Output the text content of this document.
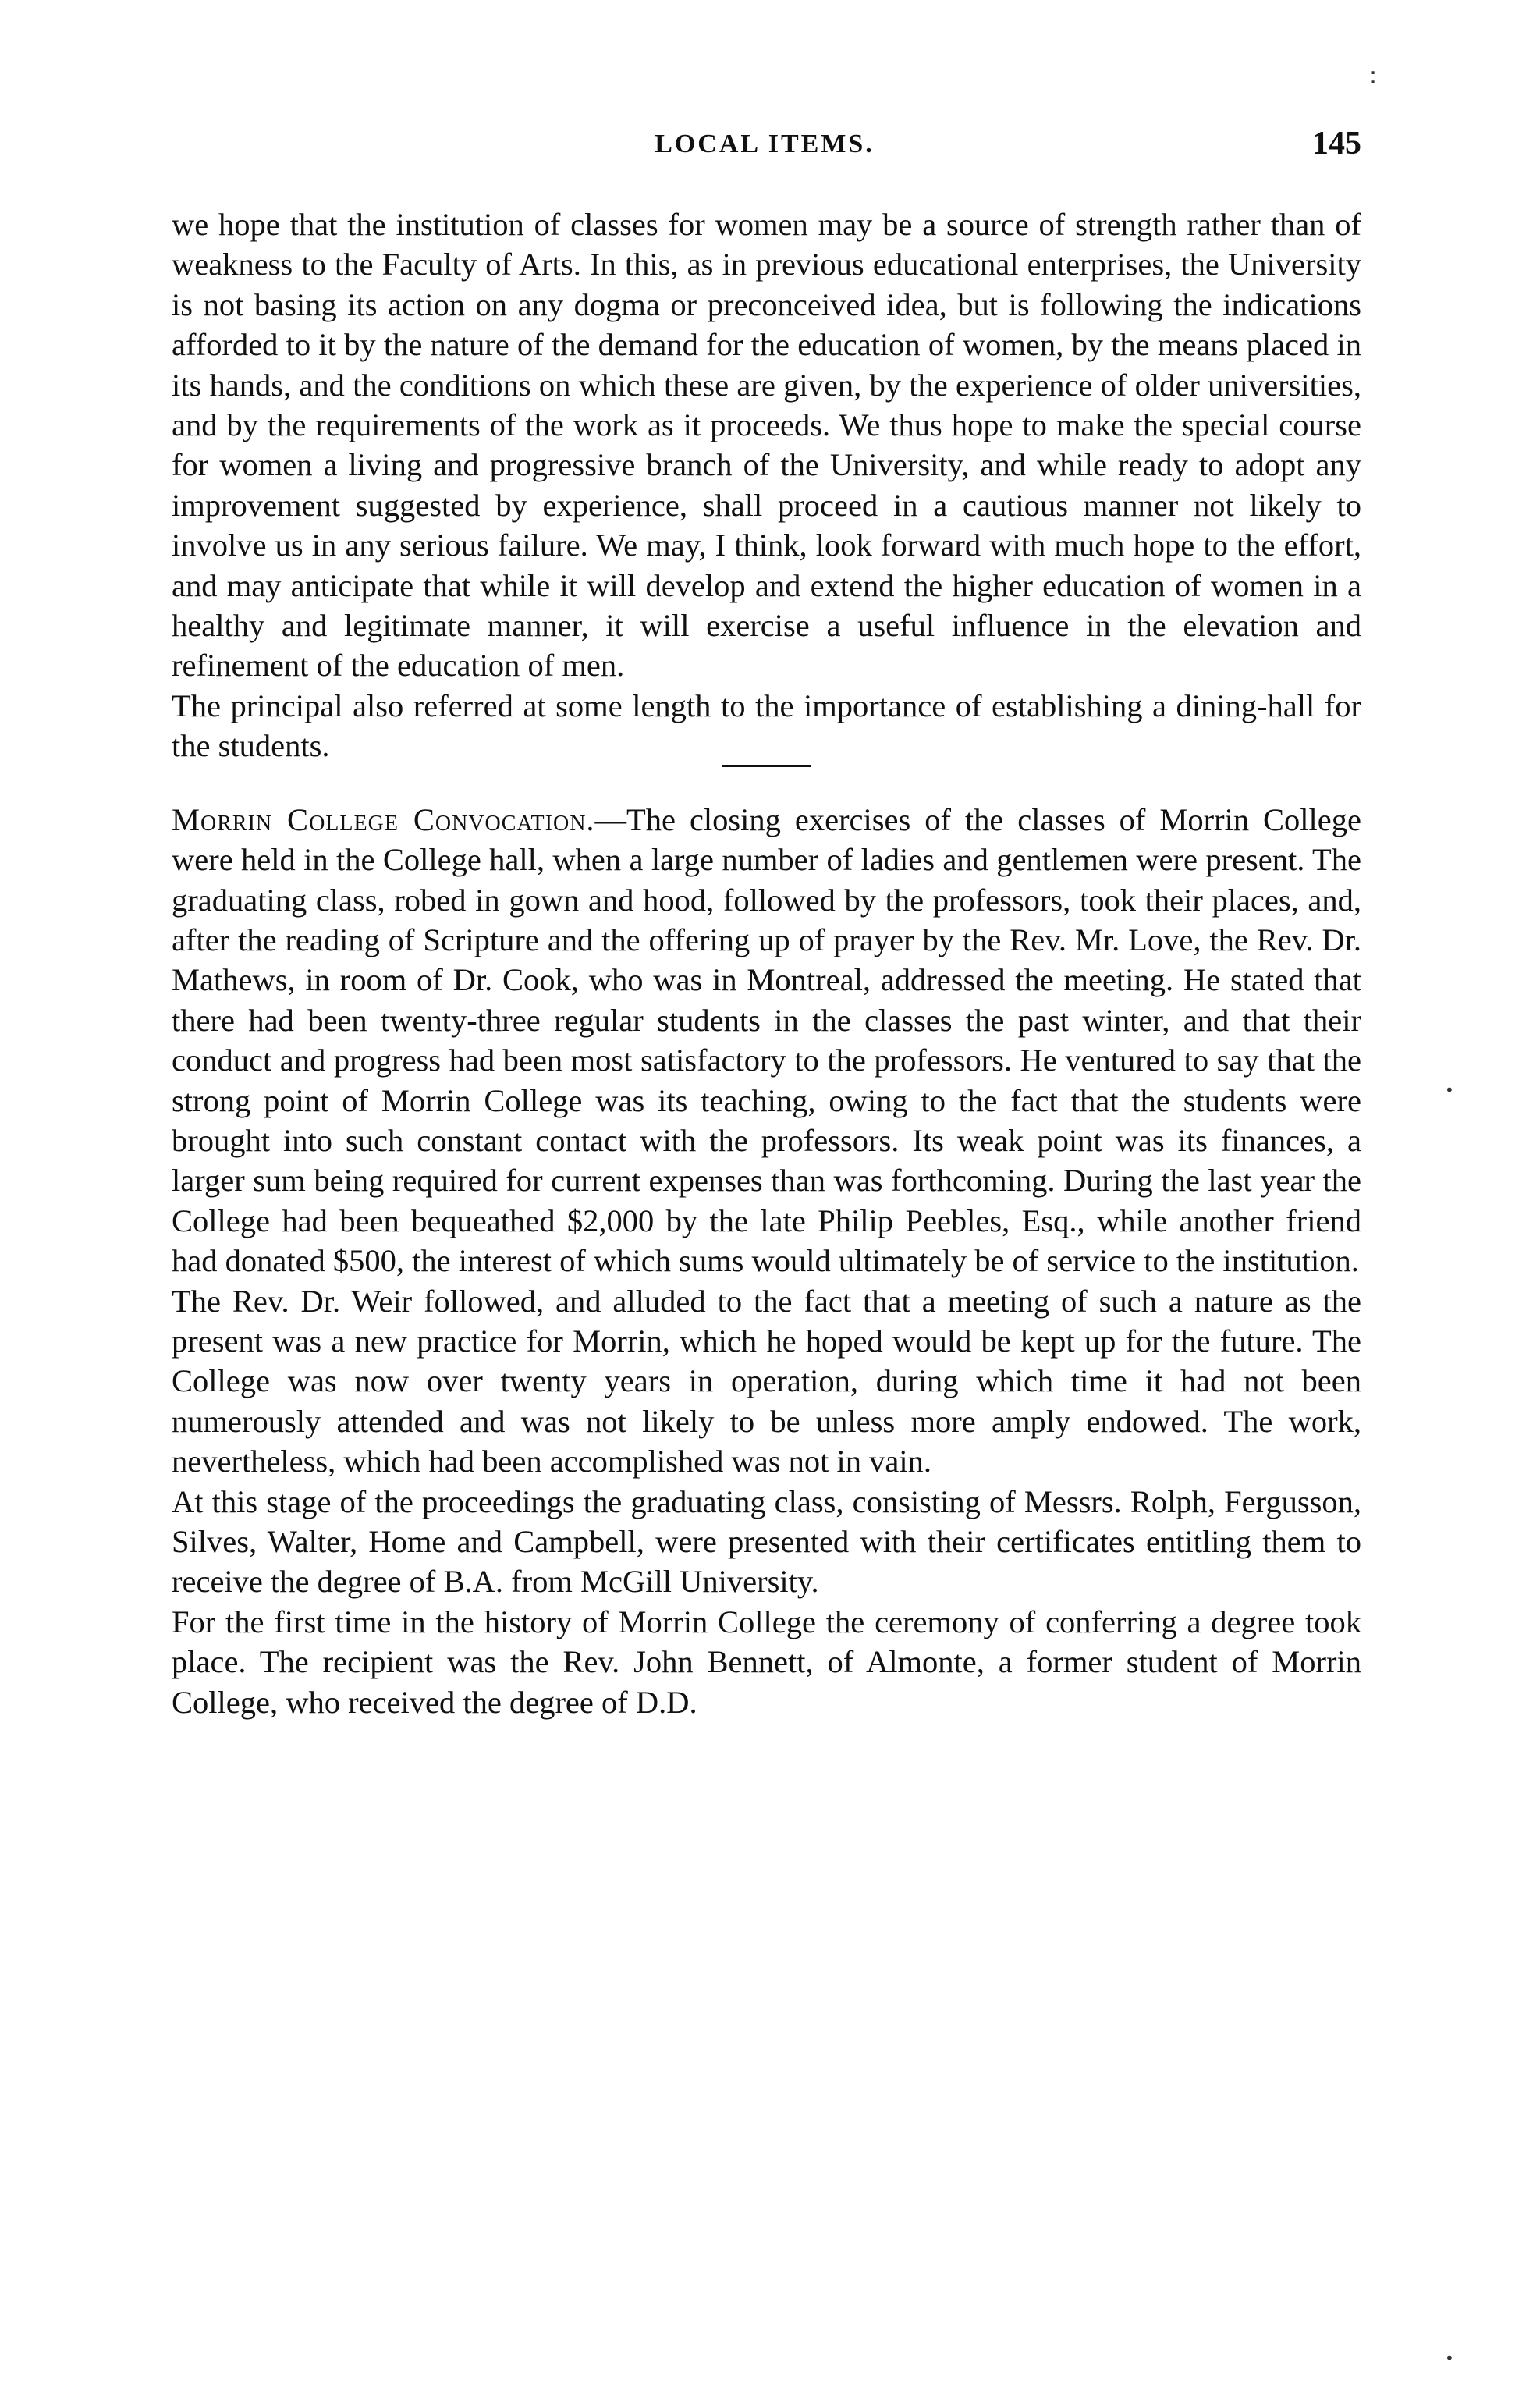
LOCAL ITEMS.	145

we hope that the institution of classes for women may be a source of strength rather than of weakness to the Faculty of Arts. In this, as in previous educational enterprises, the University is not basing its action on any dogma or preconceived idea, but is following the indications afforded to it by the nature of the demand for the education of women, by the means placed in its hands, and the conditions on which these are given, by the experience of older universities, and by the requirements of the work as it proceeds. We thus hope to make the special course for women a living and progressive branch of the University, and while ready to adopt any improvement suggested by experience, shall proceed in a cautious manner not likely to involve us in any serious failure. We may, I think, look forward with much hope to the effort, and may anticipate that while it will develop and extend the higher education of women in a healthy and legitimate manner, it will exercise a useful influence in the elevation and refinement of the education of men.

The principal also referred at some length to the importance of establishing a dining-hall for the students.

Morrin College Convocation.—The closing exercises of the classes of Morrin College were held in the College hall, when a large number of ladies and gentlemen were present. The graduating class, robed in gown and hood, followed by the professors, took their places, and, after the reading of Scripture and the offering up of prayer by the Rev. Mr. Love, the Rev. Dr. Mathews, in room of Dr. Cook, who was in Montreal, addressed the meeting. He stated that there had been twenty-three regular students in the classes the past winter, and that their conduct and progress had been most satisfactory to the professors. He ventured to say that the strong point of Morrin College was its teaching, owing to the fact that the students were brought into such constant contact with the professors. Its weak point was its finances, a larger sum being required for current expenses than was forthcoming. During the last year the College had been bequeathed $2,000 by the late Philip Peebles, Esq., while another friend had donated $500, the interest of which sums would ultimately be of service to the institution.

The Rev. Dr. Weir followed, and alluded to the fact that a meeting of such a nature as the present was a new practice for Morrin, which he hoped would be kept up for the future. The College was now over twenty years in operation, during which time it had not been numerously attended and was not likely to be unless more amply endowed. The work, nevertheless, which had been accomplished was not in vain.

At this stage of the proceedings the graduating class, consisting of Messrs. Rolph, Fergusson, Silves, Walter, Home and Campbell, were presented with their certificates entitling them to receive the degree of B.A. from McGill University.

For the first time in the history of Morrin College the ceremony of conferring a degree took place. The recipient was the Rev. John Bennett, of Almonte, a former student of Morrin College, who received the degree of D.D.

:
•
•
